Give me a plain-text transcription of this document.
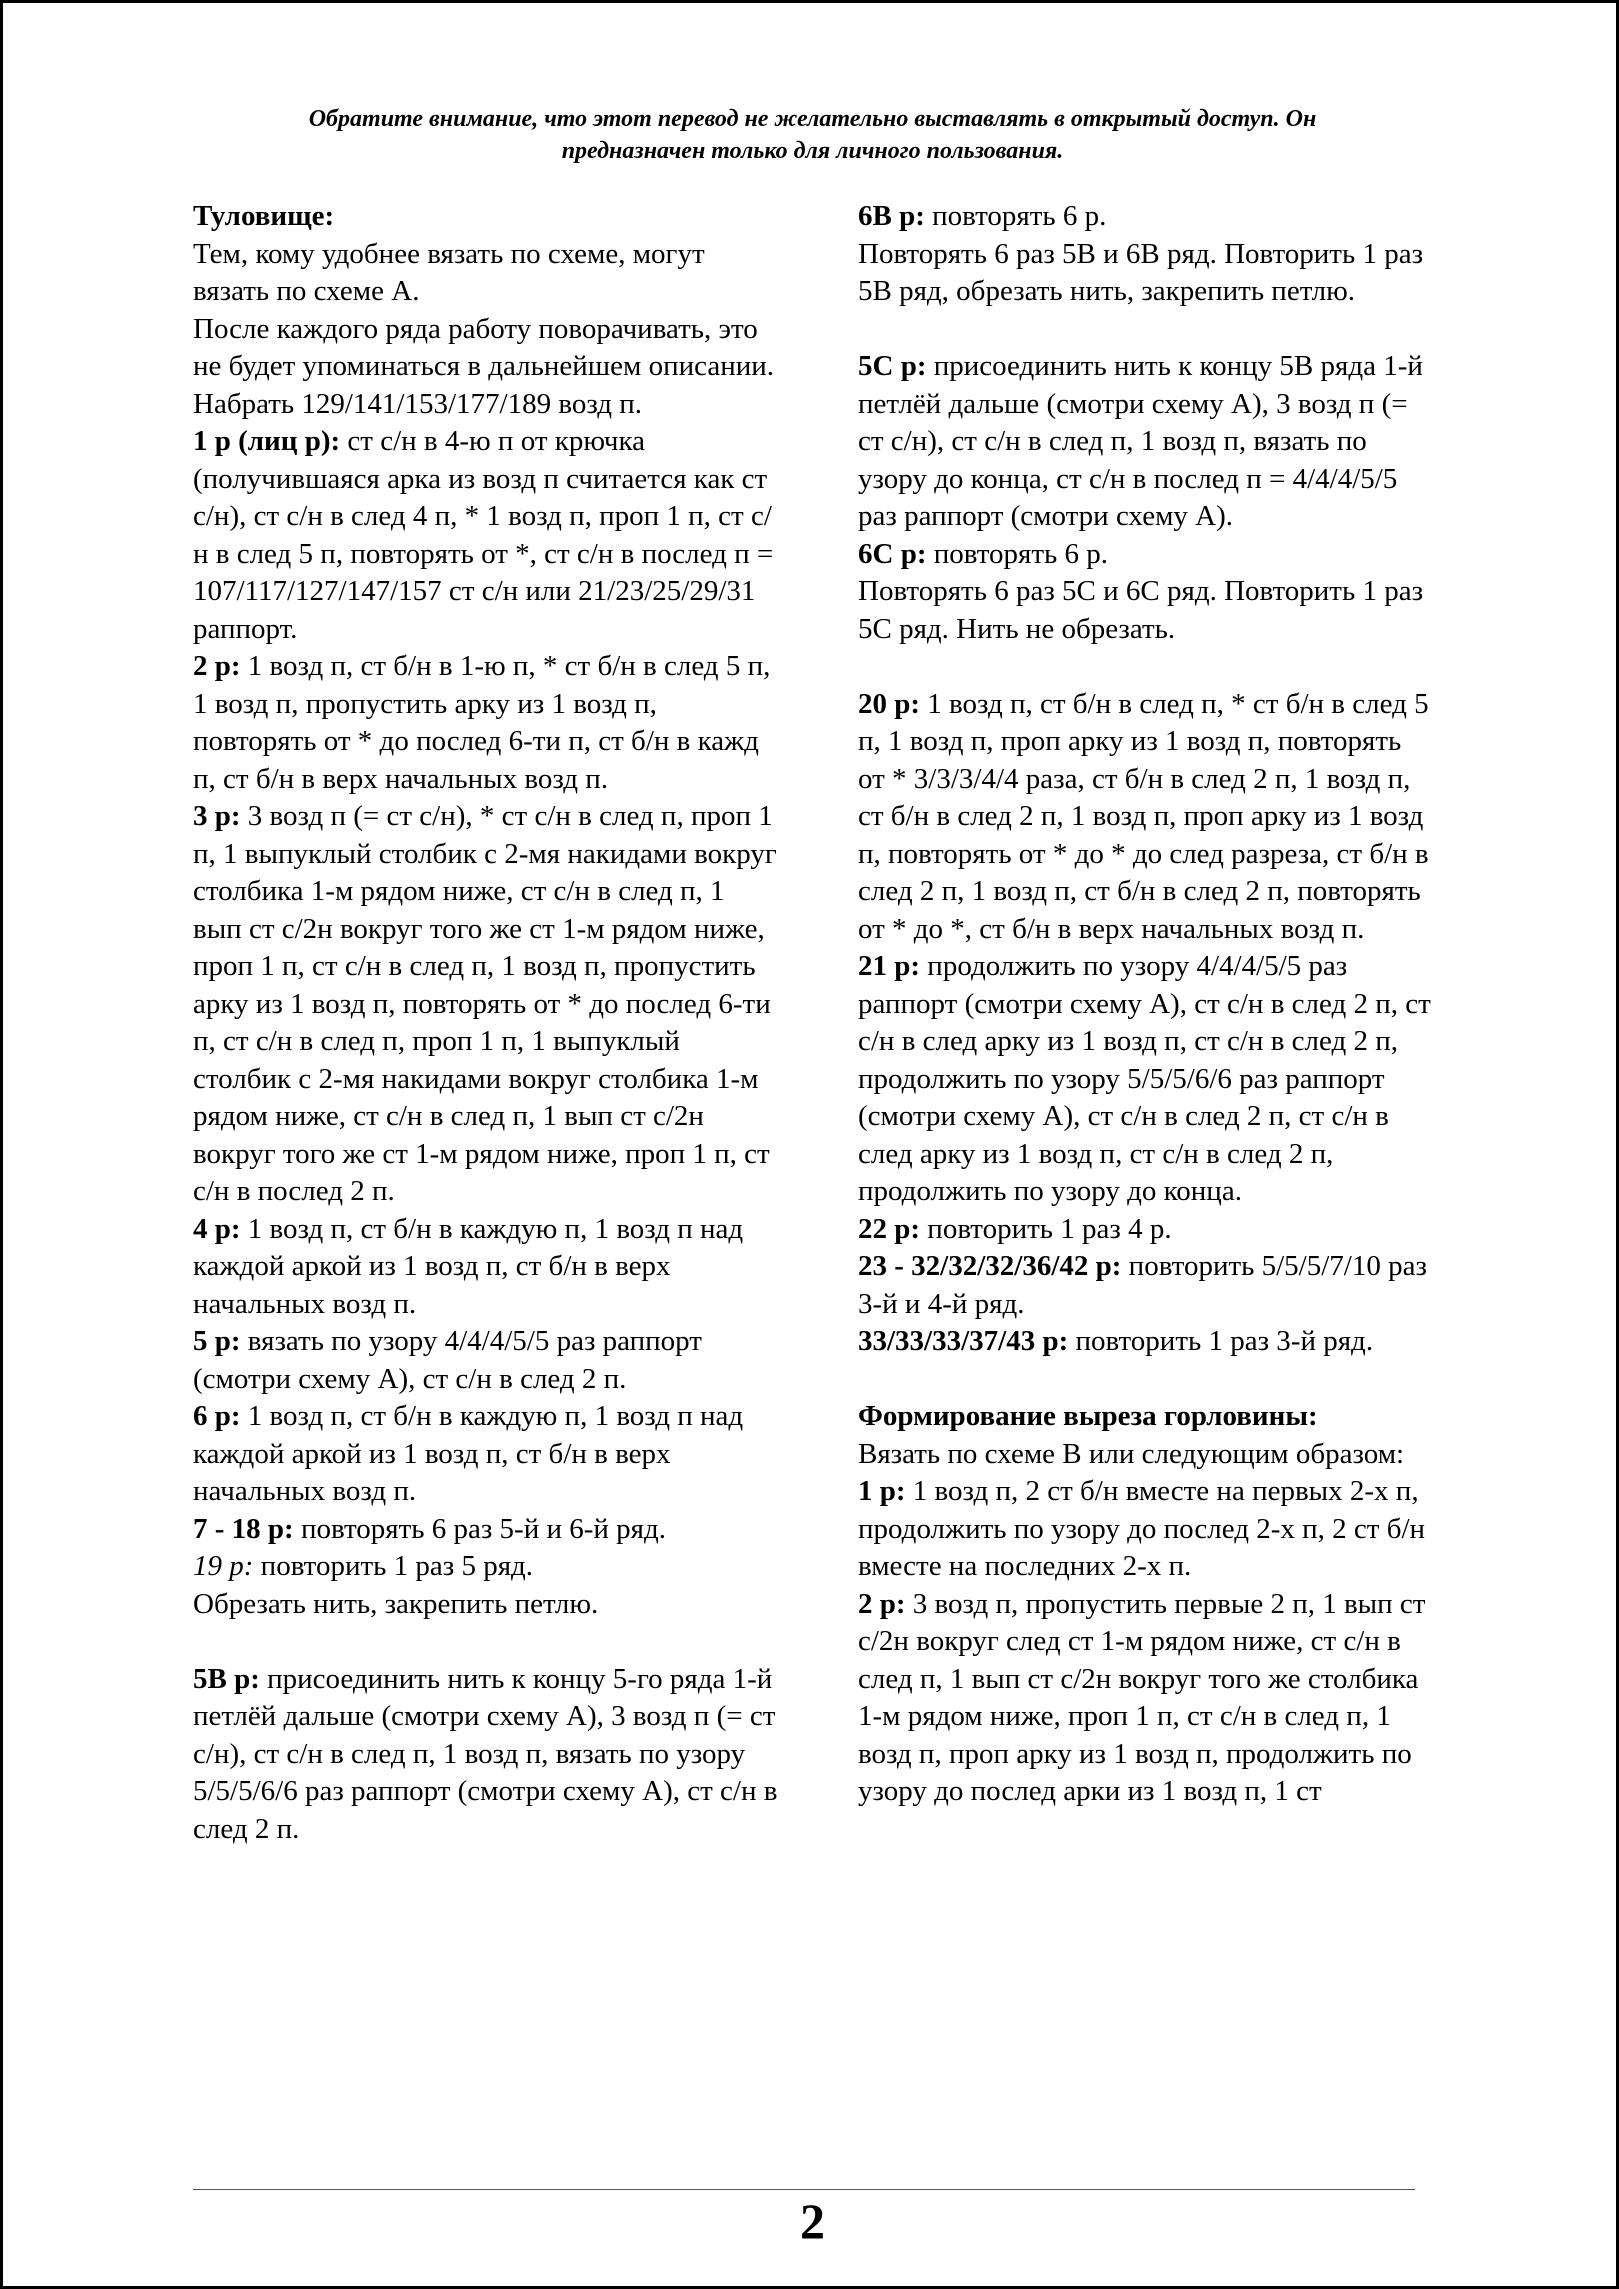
Обратите внимание, что этот перевод не желательно выставлять в открытый доступ. Он
предназначен только для личного пользования.

Туловище:

Тем, кому удобнее вязать по схеме, могут вязать по схеме А.

После каждого ряда работу поворачивать, это не будет упоминаться в дальнейшем описании.

Набрать 129/141/153/177/189 возд п.

1 р (лиц р): ст с/н в 4-ю п от крючка (получившаяся арка из возд п считается как ст с/н), ст с/н в след 4 п, * 1 возд п, проп 1 п, ст с/н в след 5 п, повторять от *, ст с/н в послед п = 107/117/127/147/157 ст с/н или 21/23/25/29/31 раппорт.

2 р: 1 возд п, ст б/н в 1-ю п, * ст б/н в след 5 п, 1 возд п, пропустить арку из 1 возд п, повторять от * до послед 6-ти п, ст б/н в кажд п, ст б/н в верх начальных возд п.

3 р: 3 возд п (= ст с/н), * ст с/н в след п, проп 1 п, 1 выпуклый столбик с 2-мя накидами вокруг столбика 1-м рядом ниже, ст с/н в след п, 1 вып ст с/2н вокруг того же ст 1-м рядом ниже, проп 1 п, ст с/н в след п, 1 возд п, пропустить арку из 1 возд п, повторять от * до послед 6-ти п, ст с/н в след п, проп 1 п, 1 выпуклый столбик с 2-мя накидами вокруг столбика 1-м рядом ниже, ст с/н в след п, 1 вып ст с/2н вокруг того же ст 1-м рядом ниже, проп 1 п, ст с/н в послед 2 п.

4 р: 1 возд п, ст б/н в каждую п, 1 возд п над каждой аркой из 1 возд п, ст б/н в верх начальных возд п.

5 р: вязать по узору 4/4/4/5/5 раз раппорт (смотри схему А), ст с/н в след 2 п.

6 р: 1 возд п, ст б/н в каждую п, 1 возд п над каждой аркой из 1 возд п, ст б/н в верх начальных возд п.

7 - 18 р: повторять 6 раз 5-й и 6-й ряд.

19 р: повторить 1 раз 5 ряд.

Обрезать нить, закрепить петлю.

5В р: присоединить нить к концу 5-го ряда 1-й петлёй дальше (смотри схему А), 3 возд п (= ст с/н), ст с/н в след п, 1 возд п, вязать по узору 5/5/5/6/6 раз раппорт (смотри схему А), ст с/н в след 2 п.

6В р: повторять 6 р.

Повторять 6 раз 5В и 6В ряд. Повторить 1 раз 5В ряд, обрезать нить, закрепить петлю.

5С р: присоединить нить к концу 5В ряда 1-й петлёй дальше (смотри схему А), 3 возд п (= ст с/н), ст с/н в след п, 1 возд п, вязать по узору до конца, ст с/н в послед п = 4/4/4/5/5 раз раппорт (смотри схему А).

6С р: повторять 6 р.

Повторять 6 раз 5С и 6С ряд. Повторить 1 раз 5С ряд. Нить не обрезать.

20 р: 1 возд п, ст б/н в след п, * ст б/н в след 5 п, 1 возд п, проп арку из 1 возд п, повторять от * 3/3/3/4/4 раза, ст б/н в след 2 п, 1 возд п, ст б/н в след 2 п, 1 возд п, проп арку из 1 возд п, повторять от * до * до след разреза, ст б/н в след 2 п, 1 возд п, ст б/н в след 2 п, повторять от * до *, ст б/н в верх начальных возд п.

21 р: продолжить по узору 4/4/4/5/5 раз раппорт (смотри схему А), ст с/н в след 2 п, ст с/н в след арку из 1 возд п, ст с/н в след 2 п, продолжить по узору 5/5/5/6/6 раз раппорт (смотри схему А), ст с/н в след 2 п, ст с/н в след арку из 1 возд п, ст с/н в след 2 п, продолжить по узору до конца.

22 р: повторить 1 раз 4 р.

23 - 32/32/32/36/42 р: повторить 5/5/5/7/10 раз 3-й и 4-й ряд.

33/33/33/37/43 р: повторить 1 раз 3-й ряд.

Формирование выреза горловины:

Вязать по схеме В или следующим образом:

1 р: 1 возд п, 2 ст б/н вместе на первых 2-х п, продолжить по узору до послед 2-х п, 2 ст б/н вместе на последних 2-х п.

2 р: 3 возд п, пропустить первые 2 п, 1 вып ст с/2н вокруг след ст 1-м рядом ниже, ст с/н в след п, 1 вып ст с/2н вокруг того же столбика 1-м рядом ниже, проп 1 п, ст с/н в след п, 1 возд п, проп арку из 1 возд п, продолжить по узору до послед арки из 1 возд п, 1 ст

2
